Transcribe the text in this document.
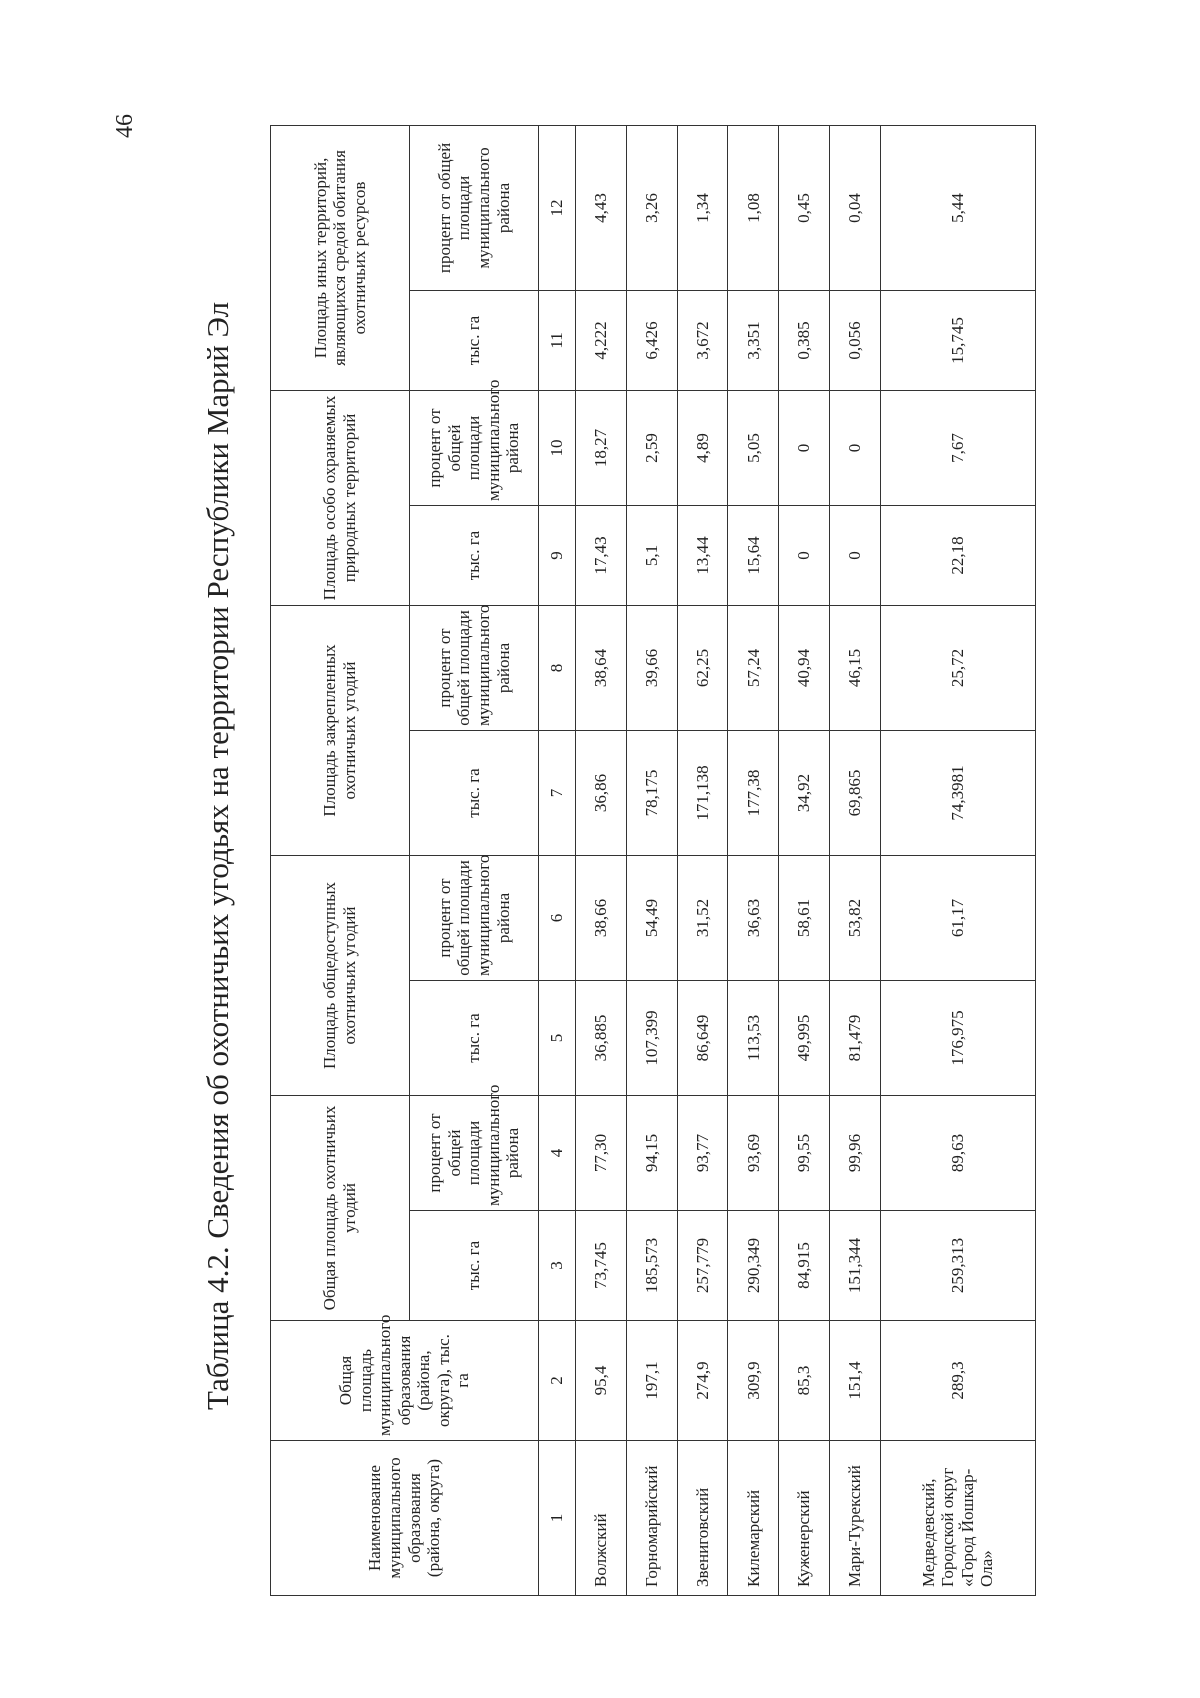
46
Таблица 4.2. Сведения об охотничьих угодьях на территории Республики Марий Эл
Наименование муниципального образования (района, округа)	Общая площадь муниципального образования (района, округа), тыс. га	Общая площадь охотничьих угодий		Площадь общедоступных охотничьих угодий		Площадь закрепленных охотничьих угодий		Площадь особо охраняемых природных территорий		Площадь иных территорий, являющихся средой обитания охотничьих ресурсов	
		тыс. га	процент от общей площади муниципального района	тыс. га	процент от общей площади муниципального района	тыс. га	процент от общей площади муниципального района	тыс. га	процент от общей площади муниципального района	тыс. га	процент от общей площади муниципального района
1	2	3	4	5	6	7	8	9	10	11	12
Волжский	95,4	73,745	77,30	36,885	38,66	36,86	38,64	17,43	18,27	4,222	4,43
Горномарийский	197,1	185,573	94,15	107,399	54,49	78,175	39,66	5,1	2,59	6,426	3,26
Звениговский	274,9	257,779	93,77	86,649	31,52	171,138	62,25	13,44	4,89	3,672	1,34
Килемарский	309,9	290,349	93,69	113,53	36,63	177,38	57,24	15,64	5,05	3,351	1,08
Куженерский	85,3	84,915	99,55	49,995	58,61	34,92	40,94	0	0	0,385	0,45
Мари-Турекский	151,4	151,344	99,96	81,479	53,82	69,865	46,15	0	0	0,056	0,04
Медведевский, Городской округ «Город Йошкар-Ола»	289,3	259,313	89,63	176,975	61,17	74,3981	25,72	22,18	7,67	15,745	5,44
